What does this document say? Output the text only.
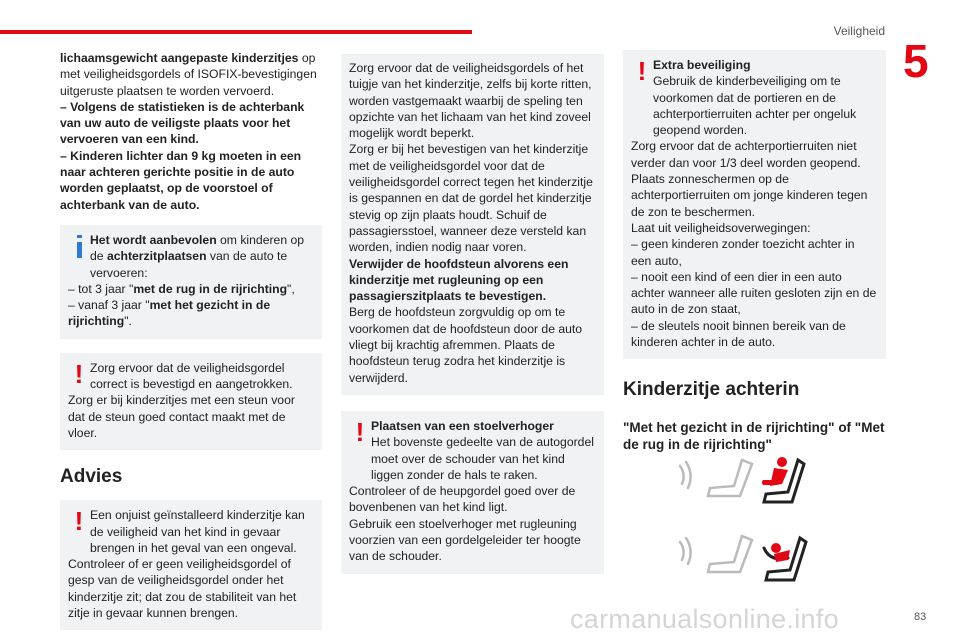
Veiligheid
5
83
carmanualsonline.info

lichaamsgewicht aangepaste kinderzitjes op met veiligheidsgordels of ISOFIX-bevestigingen uitgeruste plaatsen te worden vervoerd.

– Volgens de statistieken is de achterbank van uw auto de veiligste plaats voor het vervoeren van een kind.

– Kinderen lichter dan 9 kg moeten in een naar achteren gerichte positie in de auto worden geplaatst, op de voorstoel of achterbank van de auto.

Het wordt aanbevolen om kinderen op de achterzitplaatsen van de auto te vervoeren:

– tot 3 jaar "met de rug in de rijrichting",

– vanaf 3 jaar "met het gezicht in de rijrichting".

! Zorg ervoor dat de veiligheidsgordel correct is bevestigd en aangetrokken.

Zorg er bij kinderzitjes met een steun voor dat de steun goed contact maakt met de vloer.

Advies
! Een onjuist geïnstalleerd kinderzitje kan de veiligheid van het kind in gevaar brengen in het geval van een ongeval.

Controleer of er geen veiligheidsgordel of gesp van de veiligheidsgordel onder het kinderzitje zit; dat zou de stabiliteit van het zitje in gevaar kunnen brengen.

Zorg ervoor dat de veiligheidsgordels of het tuigje van het kinderzitje, zelfs bij korte ritten, worden vastgemaakt waarbij de speling ten opzichte van het lichaam van het kind zoveel mogelijk wordt beperkt.

Zorg er bij het bevestigen van het kinderzitje met de veiligheidsgordel voor dat de veiligheidsgordel correct tegen het kinderzitje is gespannen en dat de gordel het kinderzitje stevig op zijn plaats houdt. Schuif de passagiersstoel, wanneer deze versteld kan worden, indien nodig naar voren.

Verwijder de hoofdsteun alvorens een kinderzitje met rugleuning op een passagierszitplaats te bevestigen.

Berg de hoofdsteun zorgvuldig op om te voorkomen dat de hoofdsteun door de auto vliegt bij krachtig afremmen. Plaats de hoofdsteun terug zodra het kinderzitje is verwijderd.

! Plaatsen van een stoelverhoger

Het bovenste gedeelte van de autogordel moet over de schouder van het kind liggen zonder de hals te raken.

Controleer of de heupgordel goed over de bovenbenen van het kind ligt.

Gebruik een stoelverhoger met rugleuning voorzien van een gordelgeleider ter hoogte van de schouder.

! Extra beveiliging

Gebruik de kinderbeveiliging om te voorkomen dat de portieren en de achterportierruiten achter per ongeluk geopend worden.

Zorg ervoor dat de achterportierruiten niet verder dan voor 1/3 deel worden geopend.

Plaats zonneschermen op de achterportierruiten om jonge kinderen tegen de zon te beschermen.

Laat uit veiligheidsoverwegingen:

– geen kinderen zonder toezicht achter in een auto,

– nooit een kind of een dier in een auto achter wanneer alle ruiten gesloten zijn en de auto in de zon staat,

– de sleutels nooit binnen bereik van de kinderen achter in de auto.

Kinderzitje achterin
"Met het gezicht in de rijrichting" of "Met de rug in de rijrichting"
